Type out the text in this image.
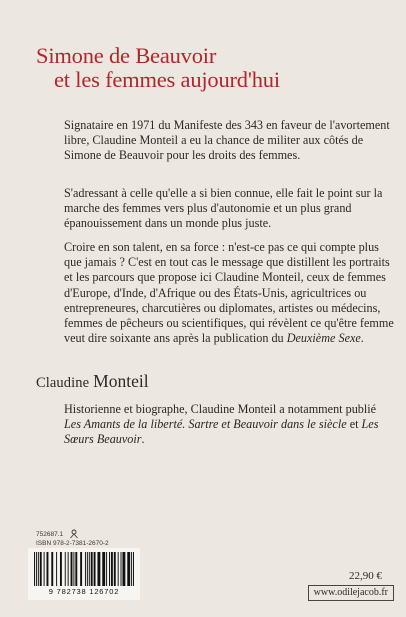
Simone de Beauvoir
et les femmes aujourd'hui

Signataire en 1971 du Manifeste des 343 en faveur de l'avortement libre, Claudine Monteil a eu la chance de militer aux côtés de Simone de Beauvoir pour les droits des femmes.

S'adressant à celle qu'elle a si bien connue, elle fait le point sur la marche des femmes vers plus d'autonomie et un plus grand épanouissement dans un monde plus juste.

Croire en son talent, en sa force : n'est-ce pas ce qui compte plus que jamais ? C'est en tout cas le message que distillent les portraits et les parcours que propose ici Claudine Monteil, ceux de femmes d'Europe, d'Inde, d'Afrique ou des États-Unis, agricultrices ou entrepreneures, charcutières ou diplomates, artistes ou médecins, femmes de pêcheurs ou scientifiques, qui révèlent ce qu'être femme veut dire soixante ans après la publication du Deuxième Sexe.

Claudine Monteil

Historienne et biographe, Claudine Monteil a notamment publié Les Amants de la liberté. Sartre et Beauvoir dans le siècle et Les Sœurs Beauvoir.

752687.1
ISBN 978-2-7381-2670-2
9 782738 126702
22,90 €
www.odilejacob.fr
